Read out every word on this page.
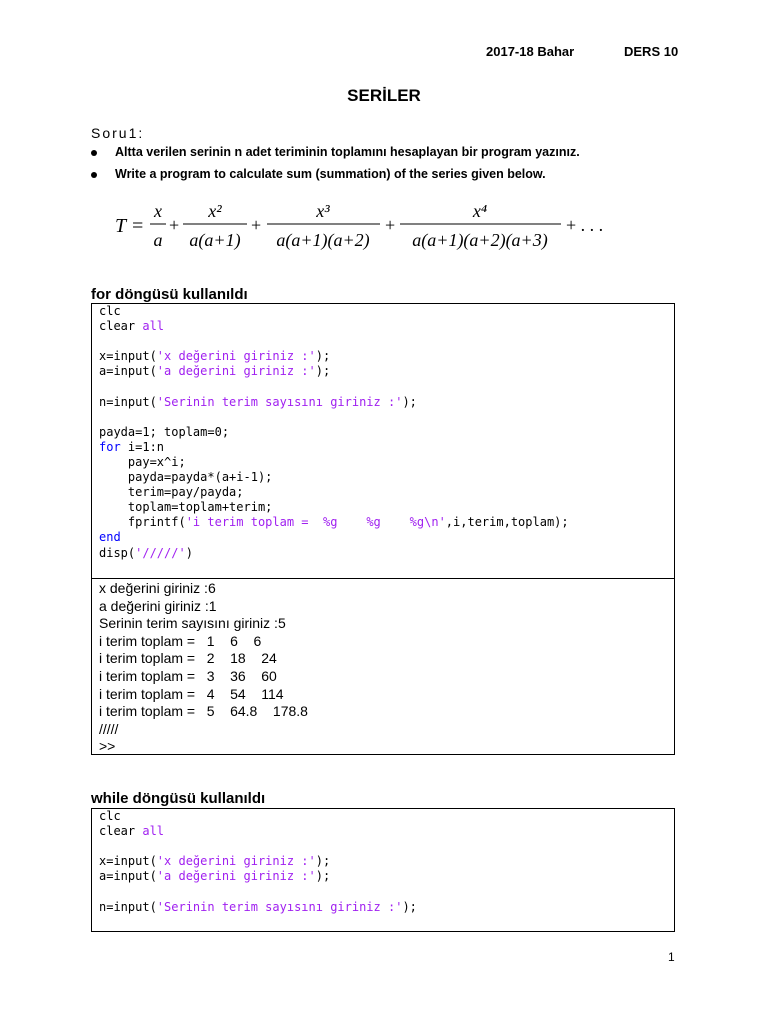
2017-18 Bahar	DERS 10
SERİLER
Soru1:
Altta verilen serinin n adet teriminin toplamını hesaplayan bir program yazınız.
Write a program to calculate sum (summation) of the series given below.
T =
x
a
+
x²
a(a+1)
+
x³
a(a+1)(a+2)
+
x⁴
a(a+1)(a+2)(a+3)
+ . . .
for döngüsü kullanıldı
clc
clear all
x=input('x değerini giriniz :');
a=input('a değerini giriniz :');
n=input('Serinin terim sayısını giriniz :');
payda=1; toplam=0;
for i=1:n
pay=x^i;
payda=payda*(a+i-1);
terim=pay/payda;
toplam=toplam+terim;
fprintf('i terim toplam =  %g    %g    %g\n',i,terim,toplam);
end
disp('/////')
x değerini giriniz :6
a değerini giriniz :1
Serinin terim sayısını giriniz :5
i terim toplam =   1    6    6
i terim toplam =   2    18    24
i terim toplam =   3    36    60
i terim toplam =   4    54    114
i terim toplam =   5    64.8    178.8
/////
>>
while döngüsü kullanıldı
clc
clear all
x=input('x değerini giriniz :');
a=input('a değerini giriniz :');
n=input('Serinin terim sayısını giriniz :');
1
